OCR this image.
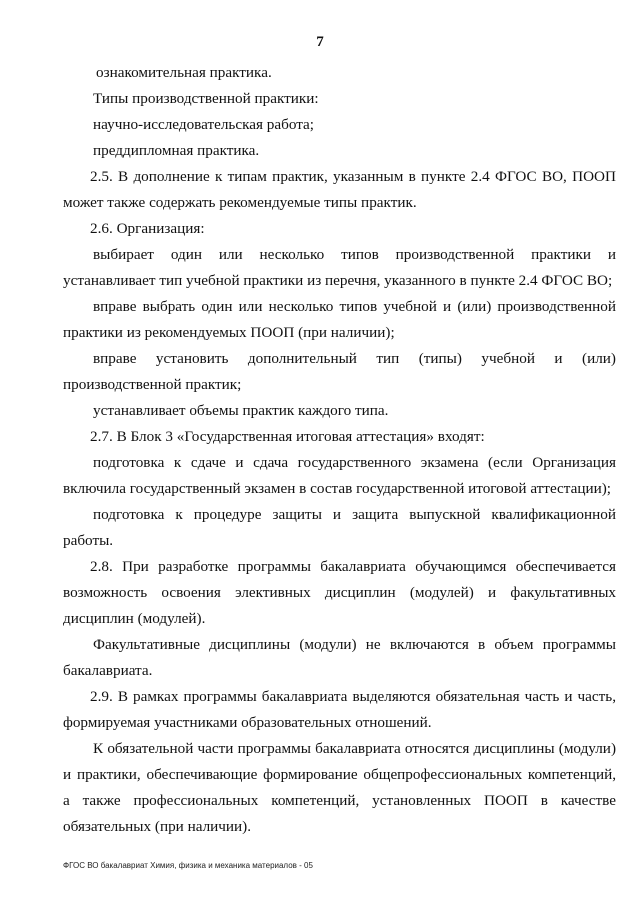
7

ознакомительная практика.

Типы производственной практики:

научно-исследовательская работа;

преддипломная практика.

2.5. В дополнение к типам практик, указанным в пункте 2.4 ФГОС ВО, ПООП может также содержать рекомендуемые типы практик.

2.6. Организация:

выбирает один или несколько типов производственной практики и устанавливает тип учебной практики из перечня, указанного в пункте 2.4 ФГОС ВО;

вправе выбрать один или несколько типов учебной и (или) производственной практики из рекомендуемых ПООП (при наличии);

вправе установить дополнительный тип (типы) учебной и (или) производственной практик;

устанавливает объемы практик каждого типа.

2.7. В Блок 3 «Государственная итоговая аттестация» входят:

подготовка к сдаче и сдача государственного экзамена (если Организация включила государственный экзамен в состав государственной итоговой аттестации);

подготовка к процедуре защиты и защита выпускной квалификационной работы.

2.8. При разработке программы бакалавриата обучающимся обеспечивается возможность освоения элективных дисциплин (модулей) и факультативных дисциплин (модулей).

Факультативные дисциплины (модули) не включаются в объем программы бакалавриата.

2.9. В рамках программы бакалавриата выделяются обязательная часть и часть, формируемая участниками образовательных отношений.

К обязательной части программы бакалавриата относятся дисциплины (модули) и практики, обеспечивающие формирование общепрофессиональных компетенций, а также профессиональных компетенций, установленных ПООП в качестве обязательных (при наличии).

ФГОС ВО бакалавриат Химия, физика и механика материалов - 05
